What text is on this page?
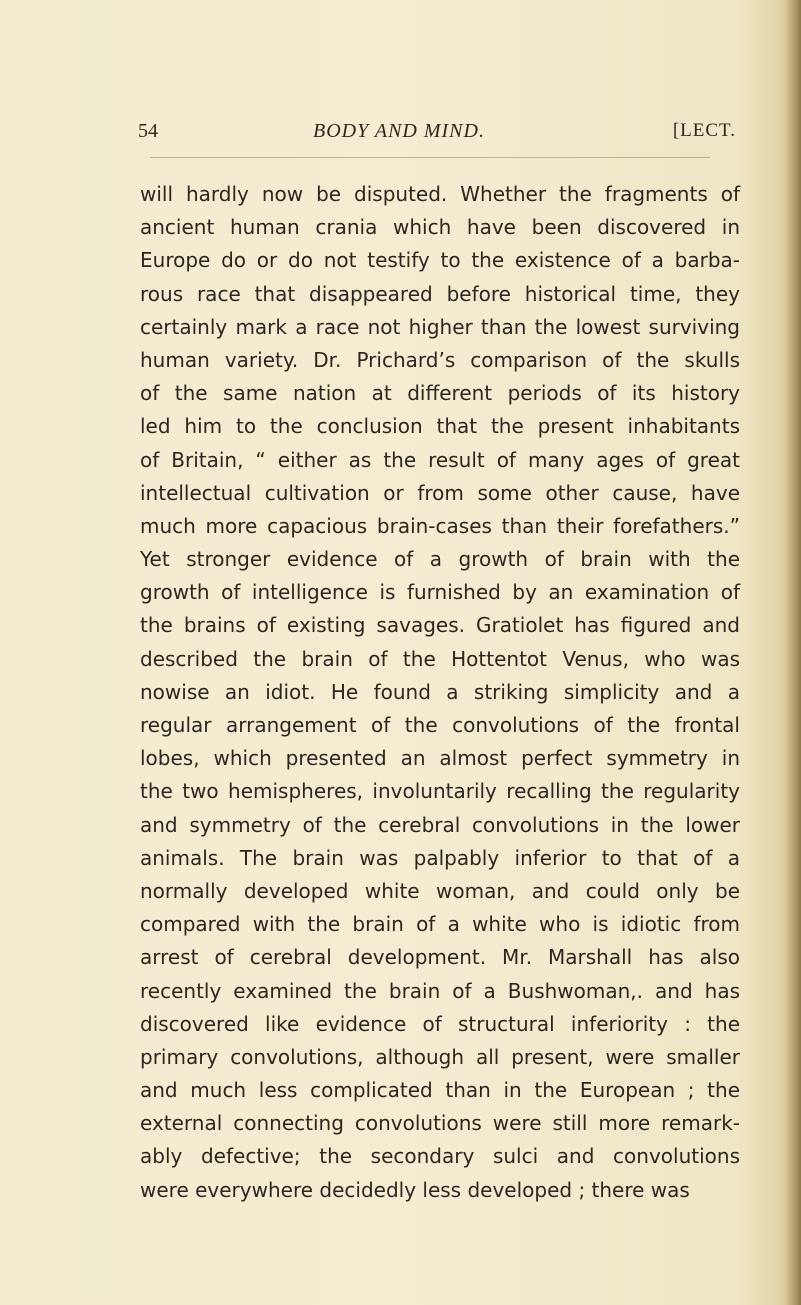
54	BODY AND MIND.	[LECT.
will hardly now be disputed. Whether the fragments of
ancient human crania which have been discovered in
Europe do or do not testify to the existence of a barba-
rous race that disappeared before historical time, they
certainly mark a race not higher than the lowest surviving
human variety. Dr. Prichard’s comparison of the skulls
of the same nation at different periods of its history
led him to the conclusion that the present inhabitants
of Britain, “ either as the result of many ages of great
intellectual cultivation or from some other cause, have
much more capacious brain-cases than their forefathers.”
Yet stronger evidence of a growth of brain with the
growth of intelligence is furnished by an examination of
the brains of existing savages. Gratiolet has figured and
described the brain of the Hottentot Venus, who was
nowise an idiot. He found a striking simplicity and a
regular arrangement of the convolutions of the frontal
lobes, which presented an almost perfect symmetry in
the two hemispheres, involuntarily recalling the regularity
and symmetry of the cerebral convolutions in the lower
animals. The brain was palpably inferior to that of a
normally developed white woman, and could only be
compared with the brain of a white who is idiotic from
arrest of cerebral development. Mr. Marshall has also
recently examined the brain of a Bushwoman,. and has
discovered like evidence of structural inferiority : the
primary convolutions, although all present, were smaller
and much less complicated than in the European ; the
external connecting convolutions were still more remark-
ably defective; the secondary sulci and convolutions
were everywhere decidedly less developed ; there was
